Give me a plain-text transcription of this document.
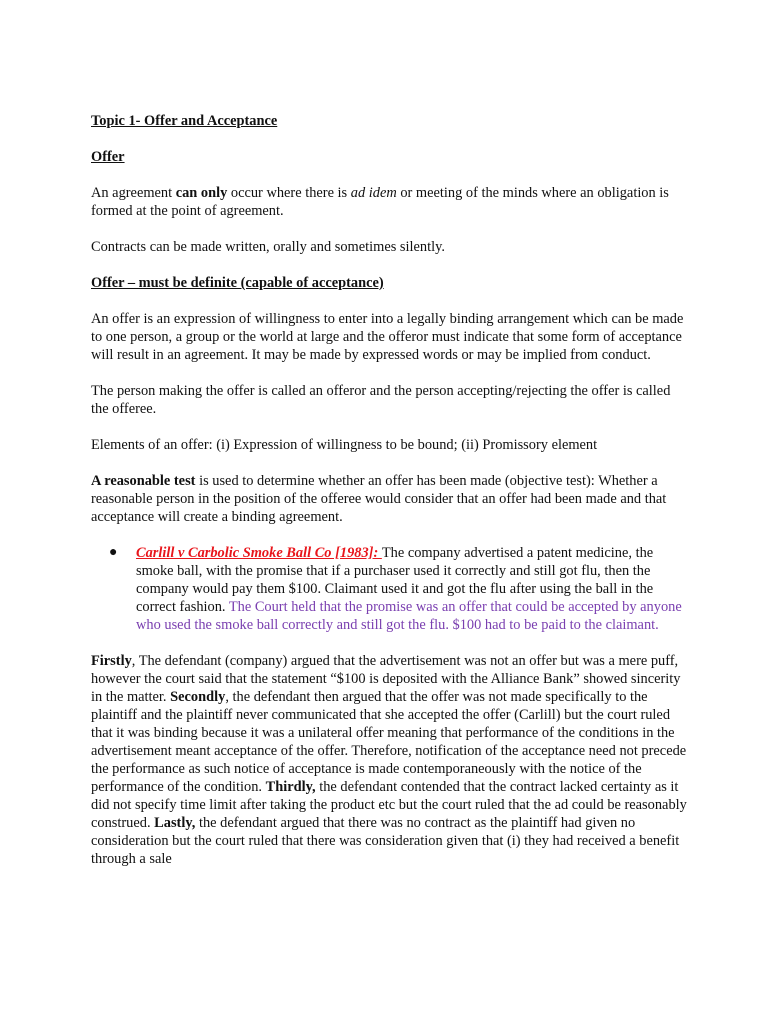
Topic 1- Offer and Acceptance

Offer

An agreement can only occur where there is ad idem or meeting of the minds where an obligation is formed at the point of agreement.

Contracts can be made written, orally and sometimes silently.

Offer – must be definite (capable of acceptance)

An offer is an expression of willingness to enter into a legally binding arrangement which can be made to one person, a group or the world at large and the offeror must indicate that some form of acceptance will result in an agreement. It may be made by expressed words or may be implied from conduct.

The person making the offer is called an offeror and the person accepting/rejecting the offer is called the offeree.

Elements of an offer: (i) Expression of willingness to be bound; (ii) Promissory element

A reasonable test is used to determine whether an offer has been made (objective test): Whether a reasonable person in the position of the offeree would consider that an offer had been made and that acceptance will create a binding agreement.

● Carlill v Carbolic Smoke Ball Co [1983]: The company advertised a patent medicine, the smoke ball, with the promise that if a purchaser used it correctly and still got flu, then the company would pay them $100. Claimant used it and got the flu after using the ball in the correct fashion. The Court held that the promise was an offer that could be accepted by anyone who used the smoke ball correctly and still got the flu. $100 had to be paid to the claimant.

Firstly, The defendant (company) argued that the advertisement was not an offer but was a mere puff, however the court said that the statement “$100 is deposited with the Alliance Bank” showed sincerity in the matter. Secondly, the defendant then argued that the offer was not made specifically to the plaintiff and the plaintiff never communicated that she accepted the offer (Carlill) but the court ruled that it was binding because it was a unilateral offer meaning that performance of the conditions in the advertisement meant acceptance of the offer. Therefore, notification of the acceptance need not precede the performance as such notice of acceptance is made contemporaneously with the notice of the performance of the condition. Thirdly, the defendant contended that the contract lacked certainty as it did not specify time limit after taking the product etc but the court ruled that the ad could be reasonably construed. Lastly, the defendant argued that there was no contract as the plaintiff had given no consideration but the court ruled that there was consideration given that (i) they had received a benefit through a sale
